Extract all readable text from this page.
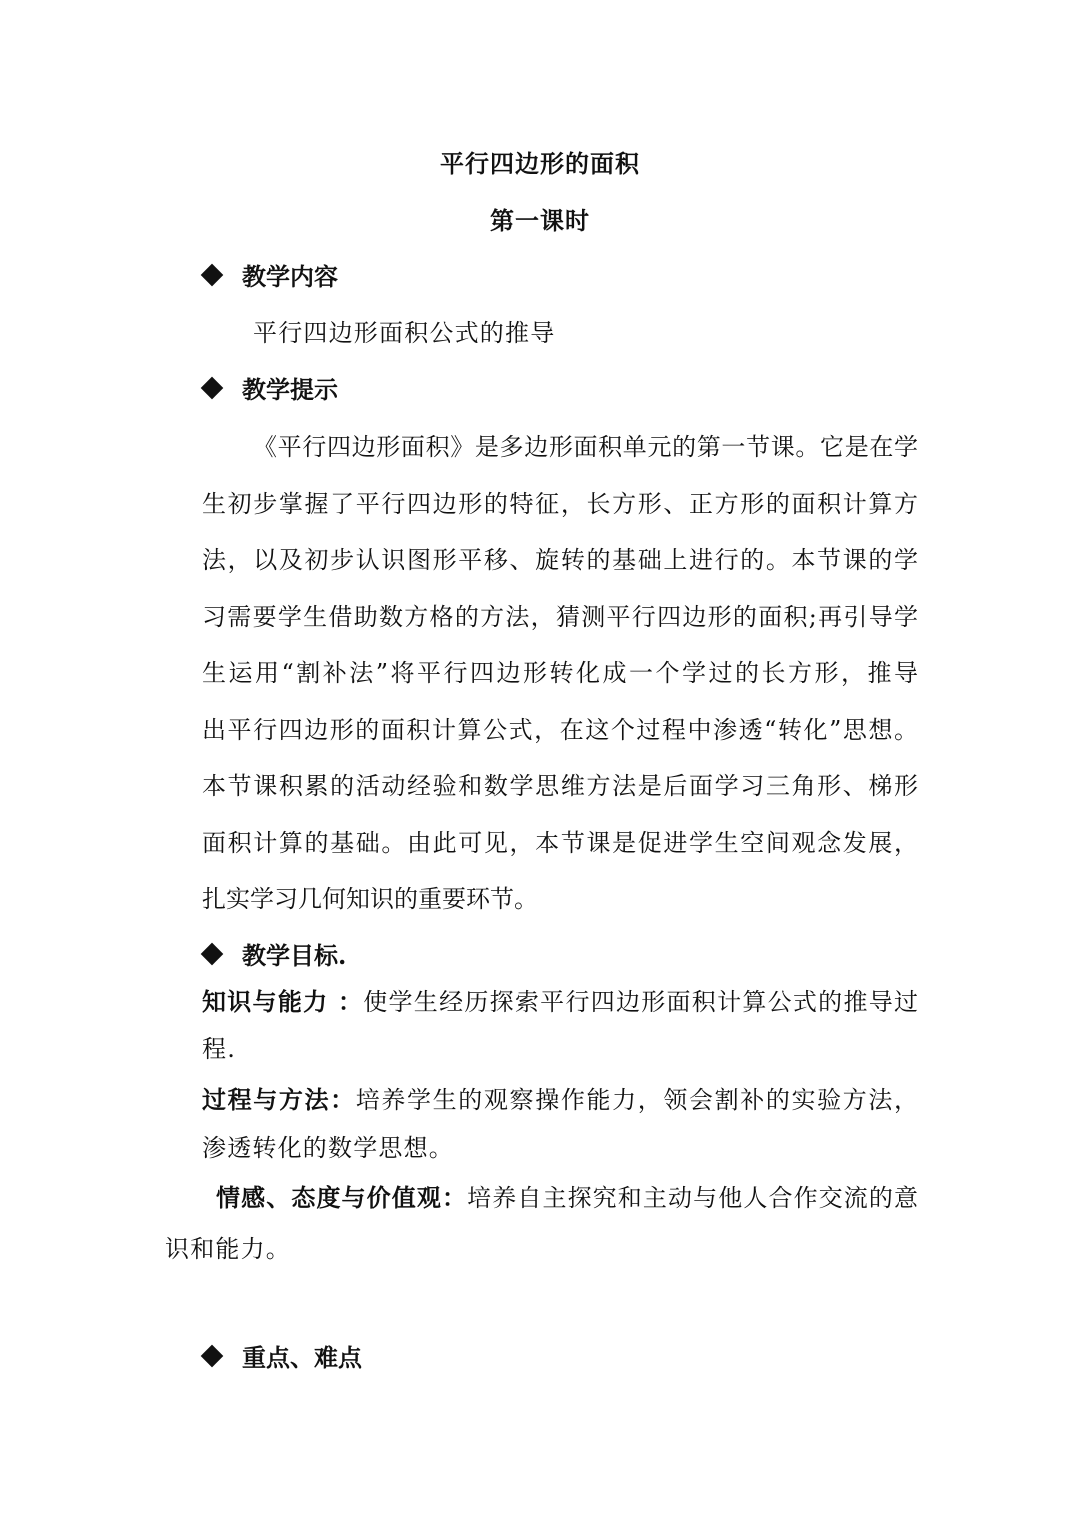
平行四边形的面积
第一课时
教学内容
平行四边形面积公式的推导
教学提示
《平行四边形面积》是多边形面积单元的第一节课。它是在学
生初步掌握了平行四边形的特征，长方形、正方形的面积计算方
法，以及初步认识图形平移、旋转的基础上进行的。本节课的学
习需要学生借助数方格的方法，猜测平行四边形的面积;再引导学
生运用“割补法”将平行四边形转化成一个学过的长方形，推导
出平行四边形的面积计算公式，在这个过程中渗透“转化”思想。
本节课积累的活动经验和数学思维方法是后面学习三角形、梯形
面积计算的基础。由此可见，本节课是促进学生空间观念发展，
扎实学习几何知识的重要环节。
教学目标.
知识与能力 ：使学生经历探索平行四边形面积计算公式的推导过
程.
过程与方法：培养学生的观察操作能力，领会割补的实验方法，
渗透转化的数学思想。
情感、态度与价值观：培养自主探究和主动与他人合作交流的意
识和能力。
重点、难点
